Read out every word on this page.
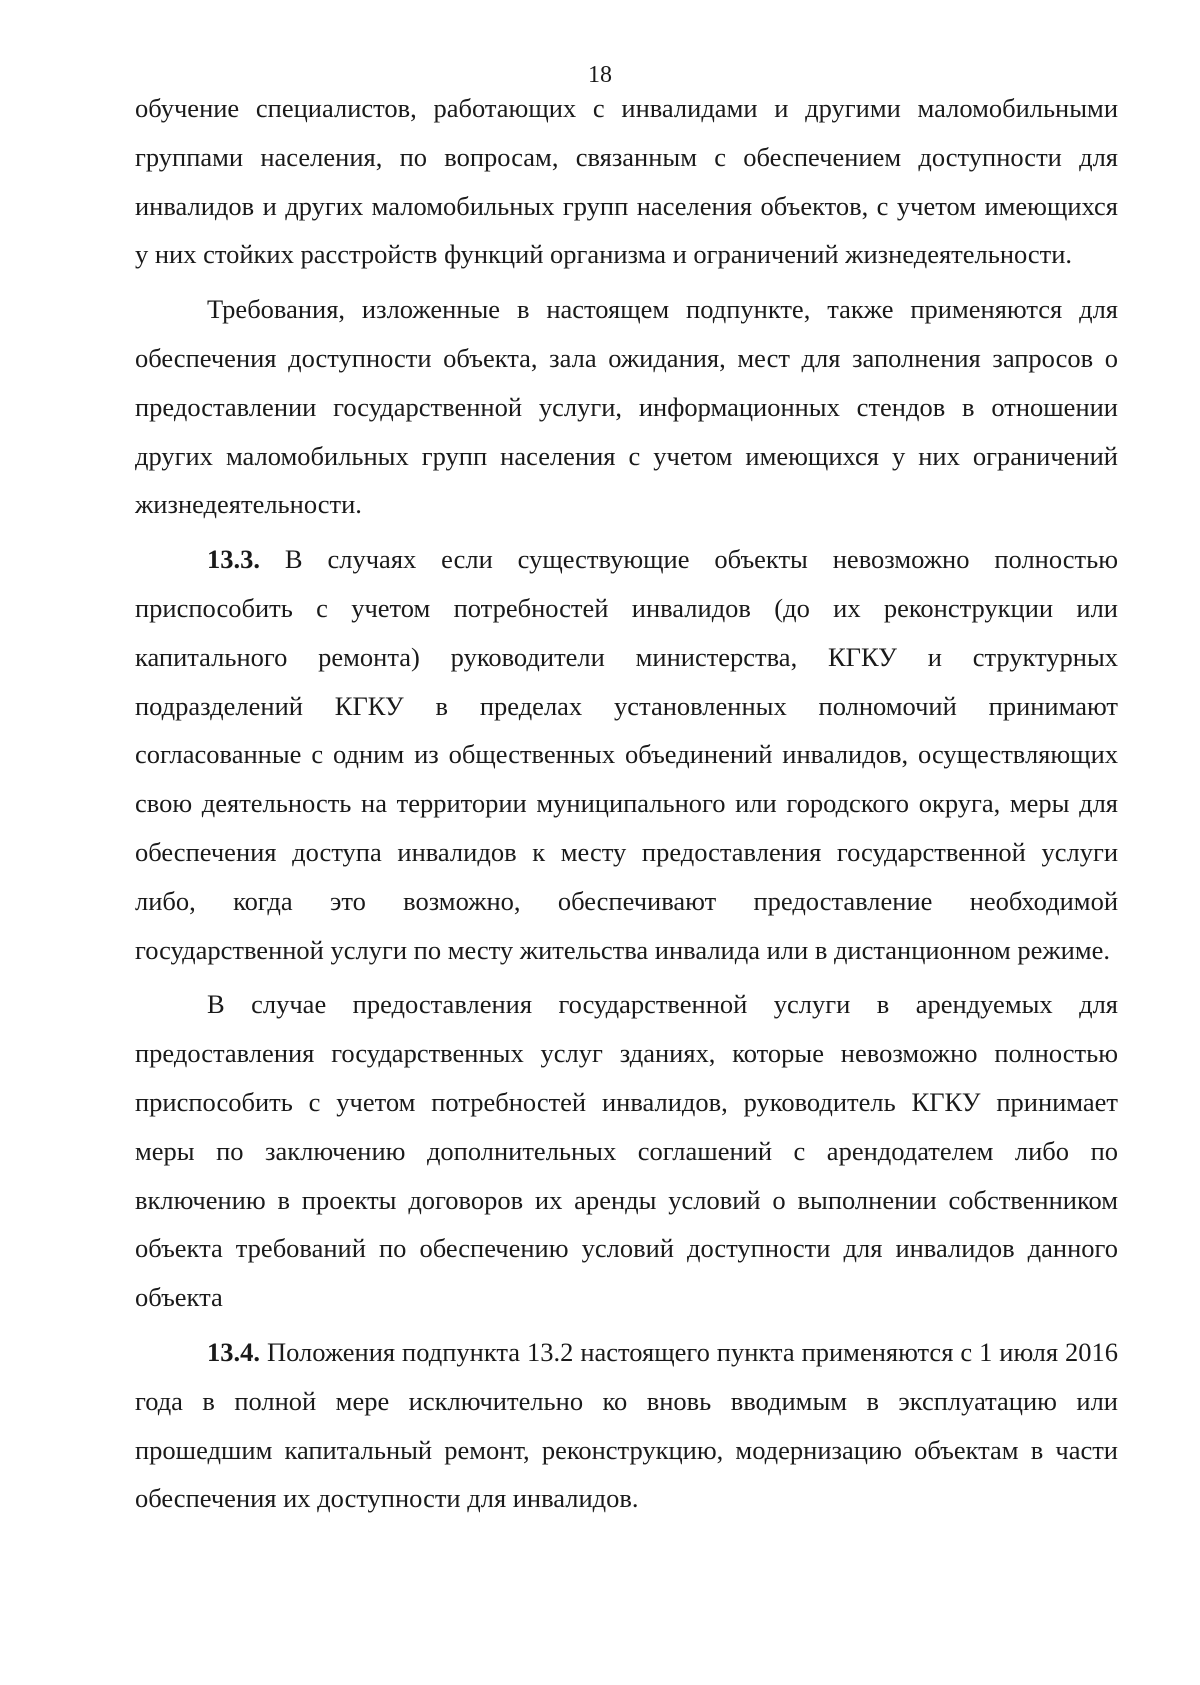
18

обучение специалистов, работающих с инвалидами и другими маломобильными группами населения, по вопросам, связанным с обеспечением доступности для инвалидов и других маломобильных групп населения объектов, с учетом имеющихся у них стойких расстройств функций организма и ограничений жизнедеятельности.

Требования, изложенные в настоящем подпункте, также применяются для обеспечения доступности объекта, зала ожидания, мест для заполнения запросов о предоставлении государственной услуги, информационных стендов в отношении других маломобильных групп населения с учетом имеющихся у них ограничений жизнедеятельности.

13.3. В случаях если существующие объекты невозможно полностью приспособить с учетом потребностей инвалидов (до их реконструкции или капитального ремонта) руководители министерства, КГКУ и структурных подразделений КГКУ в пределах установленных полномочий принимают согласованные с одним из общественных объединений инвалидов, осуществляющих свою деятельность на территории муниципального или городского округа, меры для обеспечения доступа инвалидов к месту предоставления государственной услуги либо, когда это возможно, обеспечивают предоставление необходимой государственной услуги по месту жительства инвалида или в дистанционном режиме.

В случае предоставления государственной услуги в арендуемых для предоставления государственных услуг зданиях, которые невозможно полностью приспособить с учетом потребностей инвалидов, руководитель КГКУ принимает меры по заключению дополнительных соглашений с арендодателем либо по включению в проекты договоров их аренды условий о выполнении собственником объекта требований по обеспечению условий доступности для инвалидов данного объекта

13.4. Положения подпункта 13.2 настоящего пункта применяются с 1 июля 2016 года в полной мере исключительно ко вновь вводимым в эксплуатацию или прошедшим капитальный ремонт, реконструкцию, модернизацию объектам в части обеспечения их доступности для инвалидов.
